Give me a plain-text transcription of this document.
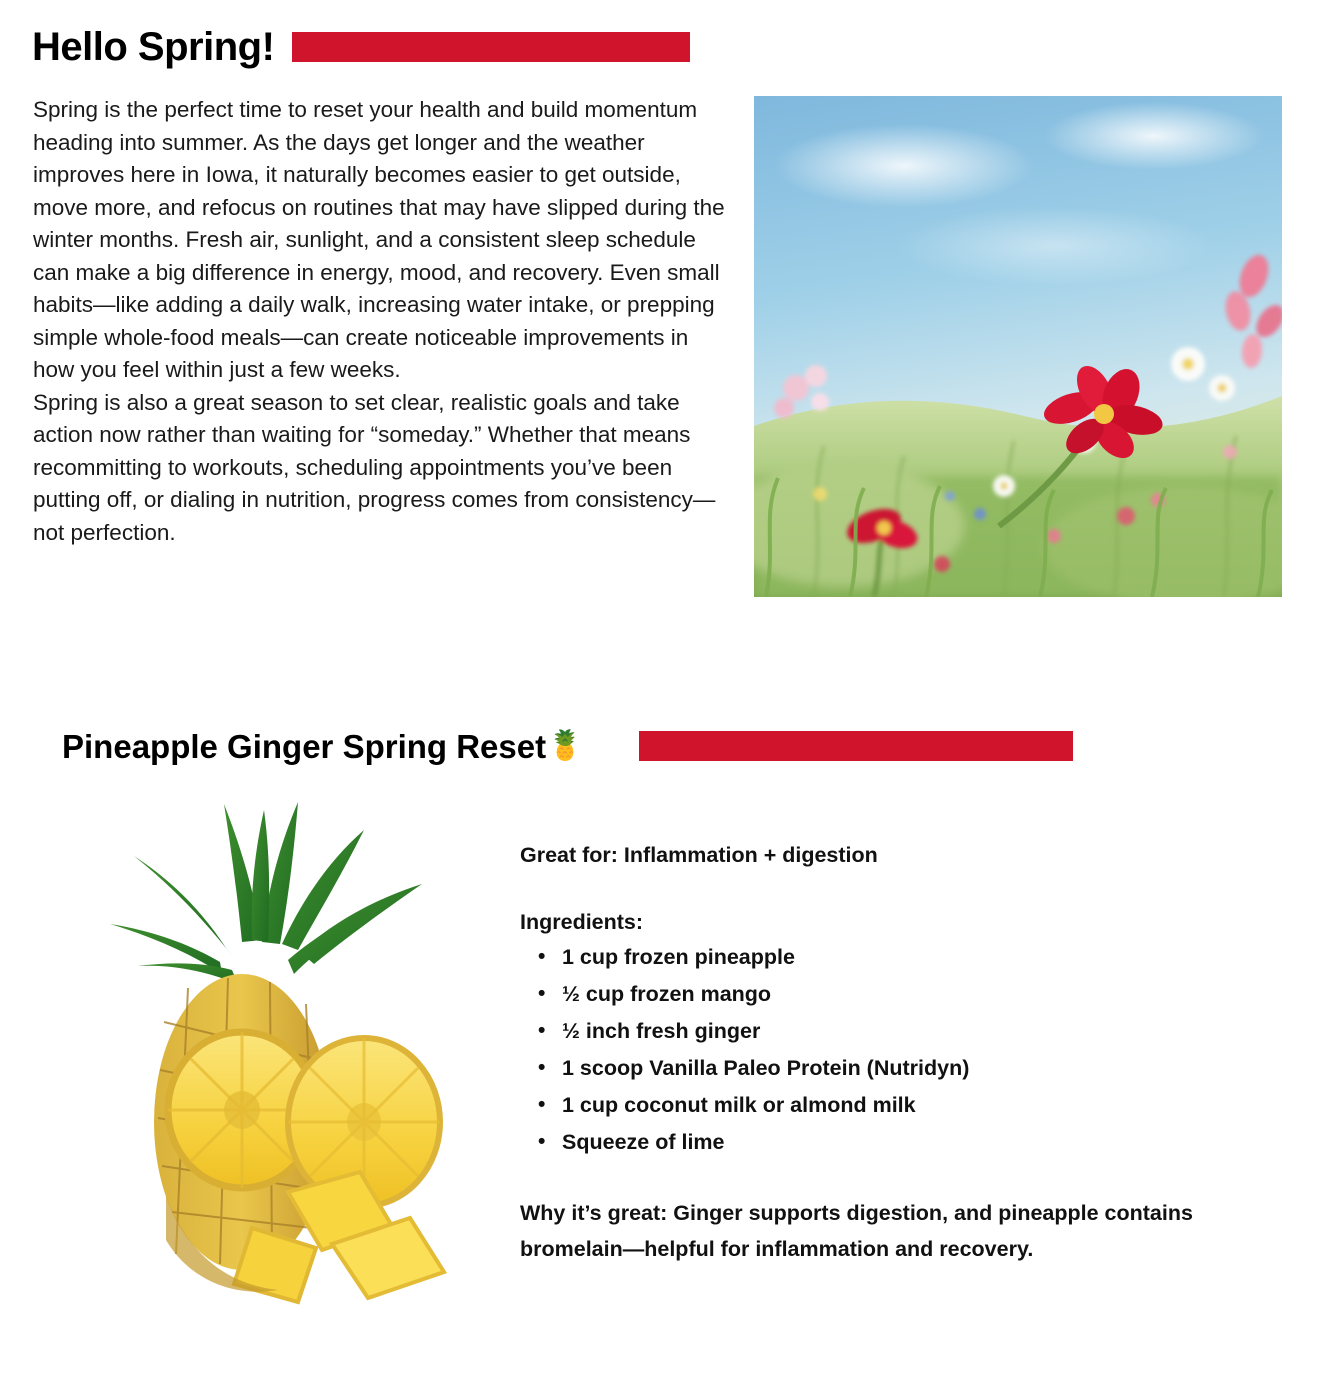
Hello Spring!

Spring is the perfect time to reset your health and build momentum heading into summer. As the days get longer and the weather improves here in Iowa, it naturally becomes easier to get outside, move more, and refocus on routines that may have slipped during the winter months. Fresh air, sunlight, and a consistent sleep schedule can make a big difference in energy, mood, and recovery. Even small habits—like adding a daily walk, increasing water intake, or prepping simple whole-food meals—can create noticeable improvements in how you feel within just a few weeks.

Spring is also a great season to set clear, realistic goals and take action now rather than waiting for “someday.” Whether that means recommitting to workouts, scheduling appointments you’ve been putting off, or dialing in nutrition, progress comes from consistency—not perfection.

Pineapple Ginger Spring Reset 🍍
Great for: Inflammation + digestion
Ingredients:
• 1 cup frozen pineapple
• ½ cup frozen mango
• ½ inch fresh ginger
• 1 scoop Vanilla Paleo Protein (Nutridyn)
• 1 cup coconut milk or almond milk
• Squeeze of lime
Why it’s great: Ginger supports digestion, and pineapple contains bromelain—helpful for inflammation and recovery.
